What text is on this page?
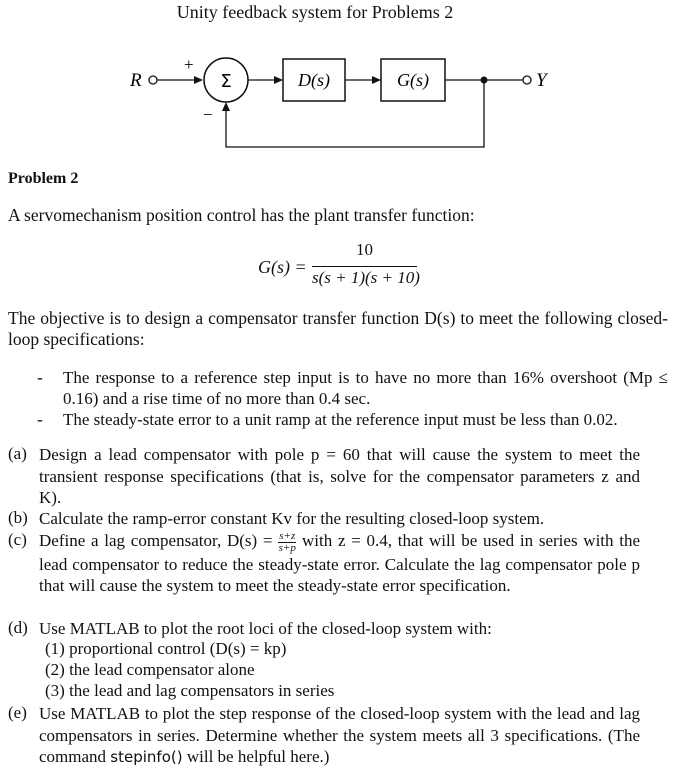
Unity feedback system for Problems 2
R
+
Σ
−
D(s)	G(s)	Y
Problem 2
A servomechanism position control has the plant transfer function:
G(s) =
10
s(s + 1)(s + 10)
The objective is to design a compensator transfer function D(s) to meet the following closed-loop specifications:
- The response to a reference step input is to have no more than 16% overshoot (Mp ≤ 0.16) and a rise time of no more than 0.4 sec.
- The steady-state error to a unit ramp at the reference input must be less than 0.02.
(a) Design a lead compensator with pole p = 60 that will cause the system to meet the transient response specifications (that is, solve for the compensator parameters z and K).
(b) Calculate the ramp-error constant Kv for the resulting closed-loop system.
(c) Define a lag compensator, $D(s) = \frac{s+z}{s+p}$ with z = 0.4, that will be used in series with the lead compensator to reduce the steady-state error. Calculate the lag compensator pole p that will cause the system to meet the steady-state error specification.
(d) Use MATLAB to plot the root loci of the closed-loop system with:
(1) proportional control (D(s) = kp)
(2) the lead compensator alone
(3) the lead and lag compensators in series
(e) Use MATLAB to plot the step response of the closed-loop system with the lead and lag compensators in series. Determine whether the system meets all 3 specifications. (The command stepinfo() will be helpful here.)
